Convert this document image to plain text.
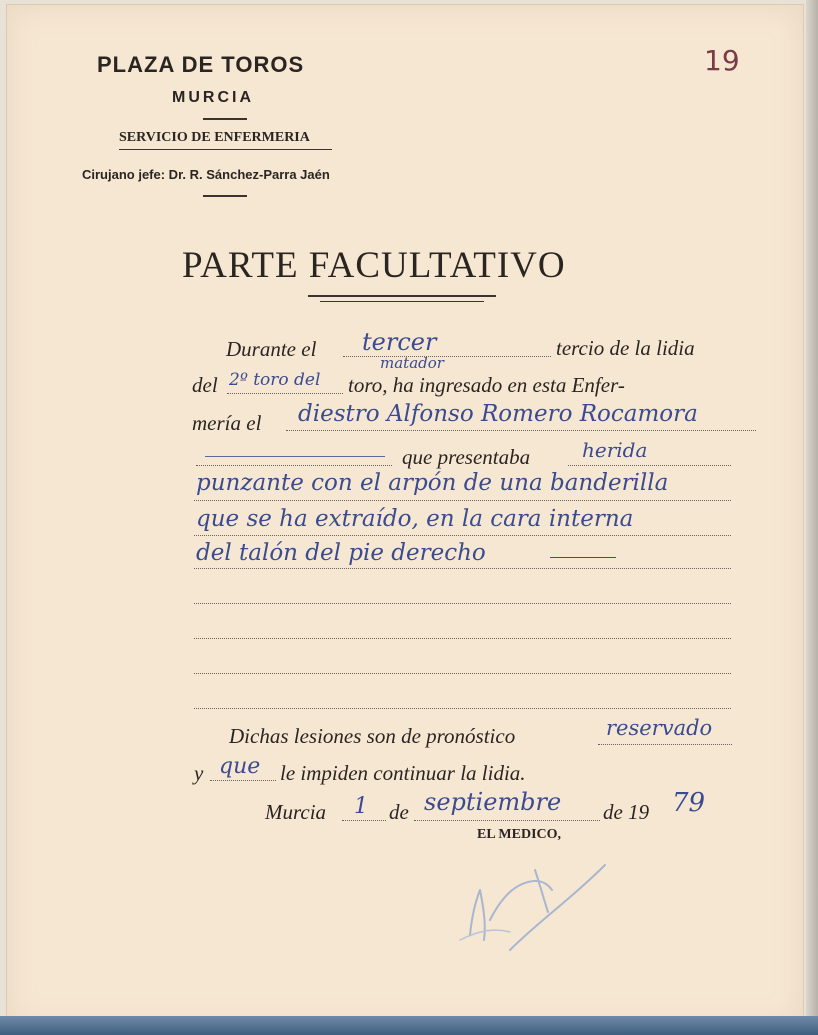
PLAZA DE TOROS
MURCIA
SERVICIO DE ENFERMERIA
Cirujano jefe: Dr. R. Sánchez-Parra Jaén
19
PARTE FACULTATIVO
Durante el tercer	tercio de la lidia
del 2º toro del
matador
toro, ha ingresado en esta Enfer-
mería el diestro Alfonso Romero Rocamora
que presentaba	herida
punzante con el arpón de una banderilla
que se ha extraído, en la cara interna
del talón del pie derecho
Dichas lesiones son de pronóstico	reservado
y que le impiden continuar la lidia.
Murcia 1 de septiembre de 19 79
EL MEDICO,
